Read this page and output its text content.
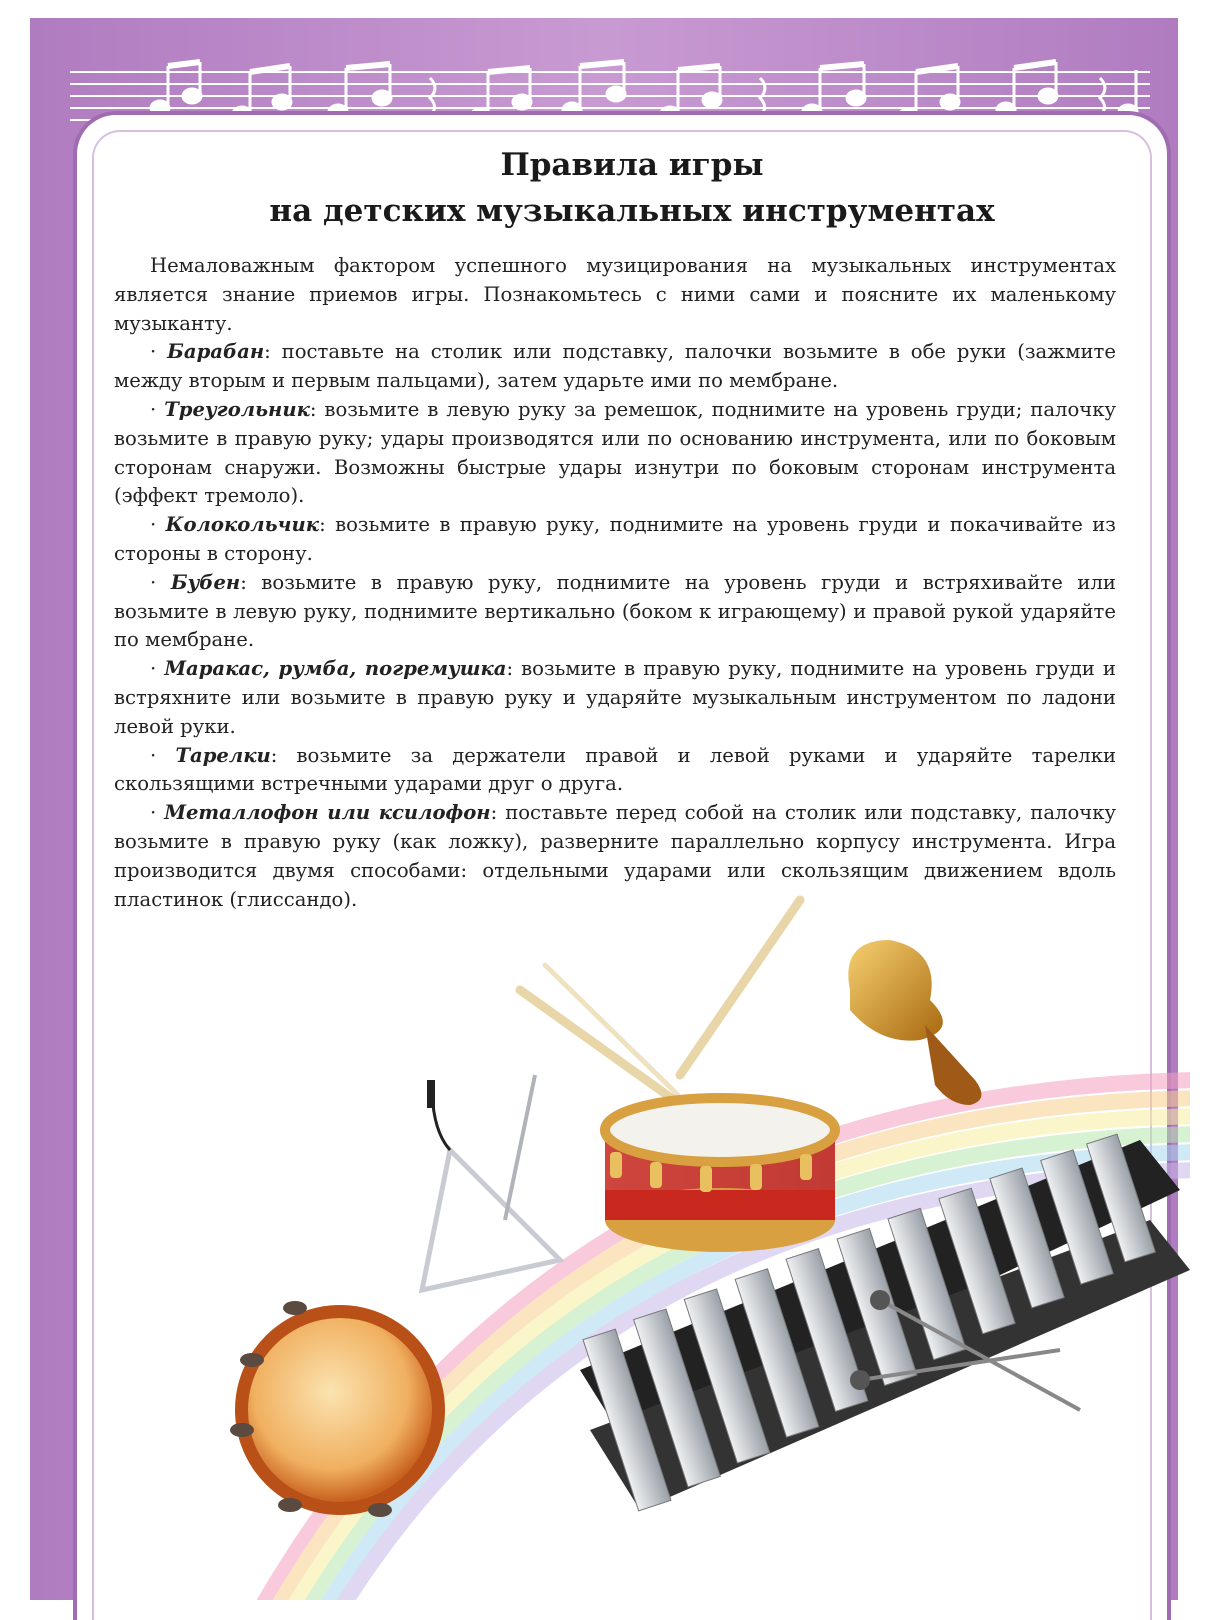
Правила игры
на детских музыкальных инструментах

Немаловажным фактором успешного музицирования на музыкальных инструментах является знание приемов игры. Познакомьтесь с ними сами и поясните их маленькому музыканту.

· Барабан: поставьте на столик или подставку, палочки возьмите в обе руки (зажмите между вторым и первым пальцами), затем ударьте ими по мембране.

· Треугольник: возьмите в левую руку за ремешок, поднимите на уровень груди; палочку возьмите в правую руку; удары производятся или по основанию инструмента, или по боковым сторонам снаружи. Возможны быстрые удары изнутри по боковым сторонам инструмента (эффект тремоло).

· Колокольчик: возьмите в правую руку, поднимите на уровень груди и покачивайте из стороны в сторону.

· Бубен: возьмите в правую руку, поднимите на уровень груди и встряхивайте или возьмите в левую руку, поднимите вертикально (боком к играющему) и правой рукой ударяйте по мембране.

· Маракас, румба, погремушка: возьмите в правую руку, поднимите на уровень груди и встряхните или возьмите в правую руку и ударяйте музыкальным инструментом по ладони левой руки.

· Тарелки: возьмите за держатели правой и левой руками и ударяйте тарелки скользящими встречными ударами друг о друга.

· Металлофон или ксилофон: поставьте перед собой на столик или подставку, палочку возьмите в правую руку (как ложку), разверните параллельно корпусу инструмента. Игра производится двумя способами: отдельными ударами или скользящим движением вдоль пластинок (глиссандо).
